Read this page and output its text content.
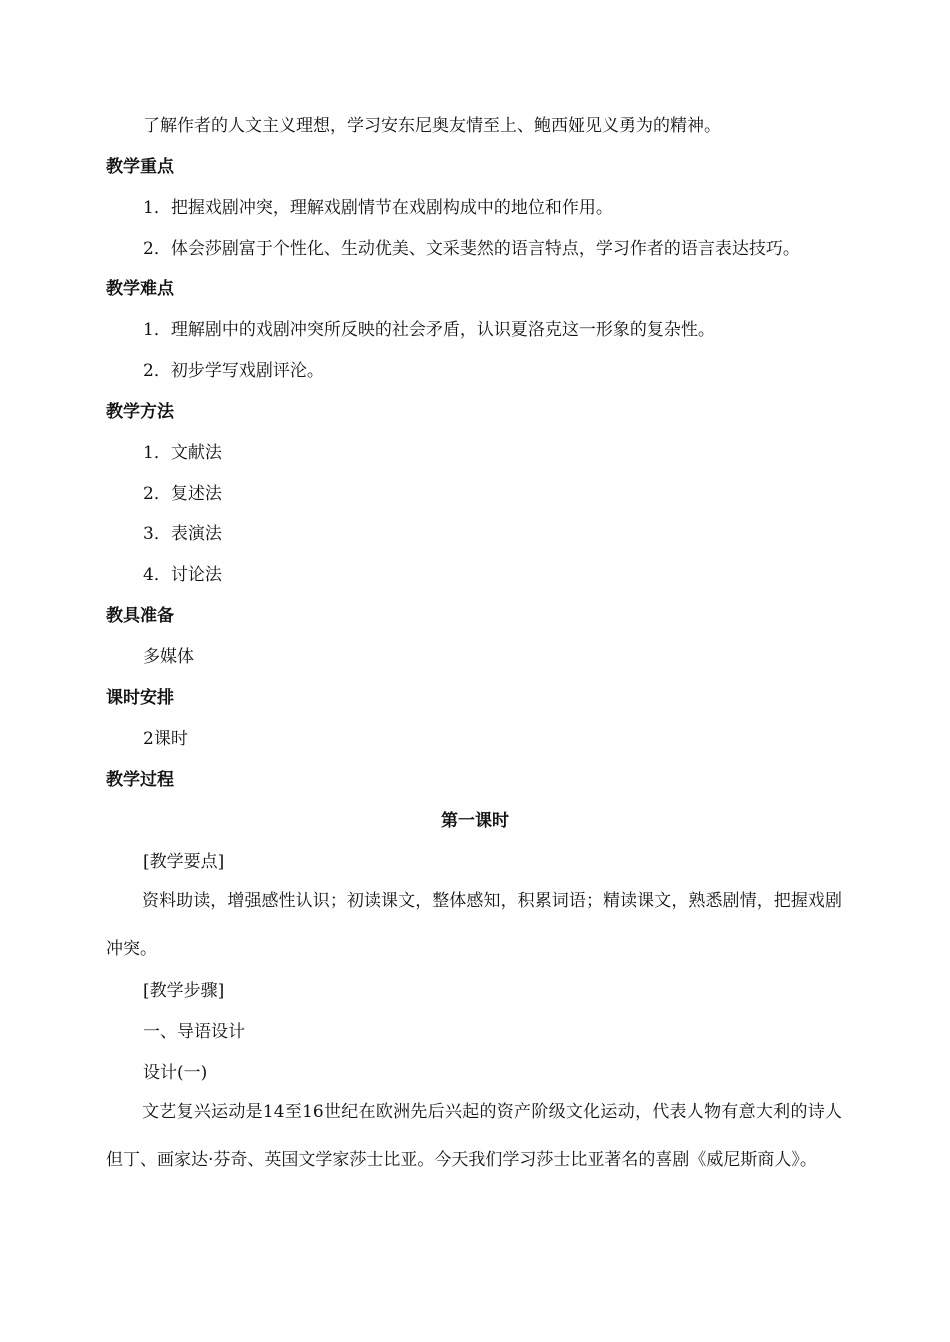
了解作者的人文主义理想，学习安东尼奥友情至上、鲍西娅见义勇为的精神。
教学重点
1．把握戏剧冲突，理解戏剧情节在戏剧构成中的地位和作用。
2．体会莎剧富于个性化、生动优美、文采斐然的语言特点，学习作者的语言表达技巧。
教学难点
1．理解剧中的戏剧冲突所反映的社会矛盾，认识夏洛克这一形象的复杂性。
2．初步学写戏剧评沦。
教学方法
1．文献法
2．复述法
3．表演法
4．讨论法
教具准备
多媒体
课时安排
2课时
教学过程
第一课时
[教学要点]
资料助读，增强感性认识；初读课文，整体感知，积累词语；精读课文，熟悉剧情，把握戏剧冲突。
[教学步骤]
一、导语设计
设计(一)
文艺复兴运动是14至16世纪在欧洲先后兴起的资产阶级文化运动，代表人物有意大利的诗人但丁、画家达·芬奇、英国文学家莎士比亚。今天我们学习莎士比亚著名的喜剧《威尼斯商人》。
